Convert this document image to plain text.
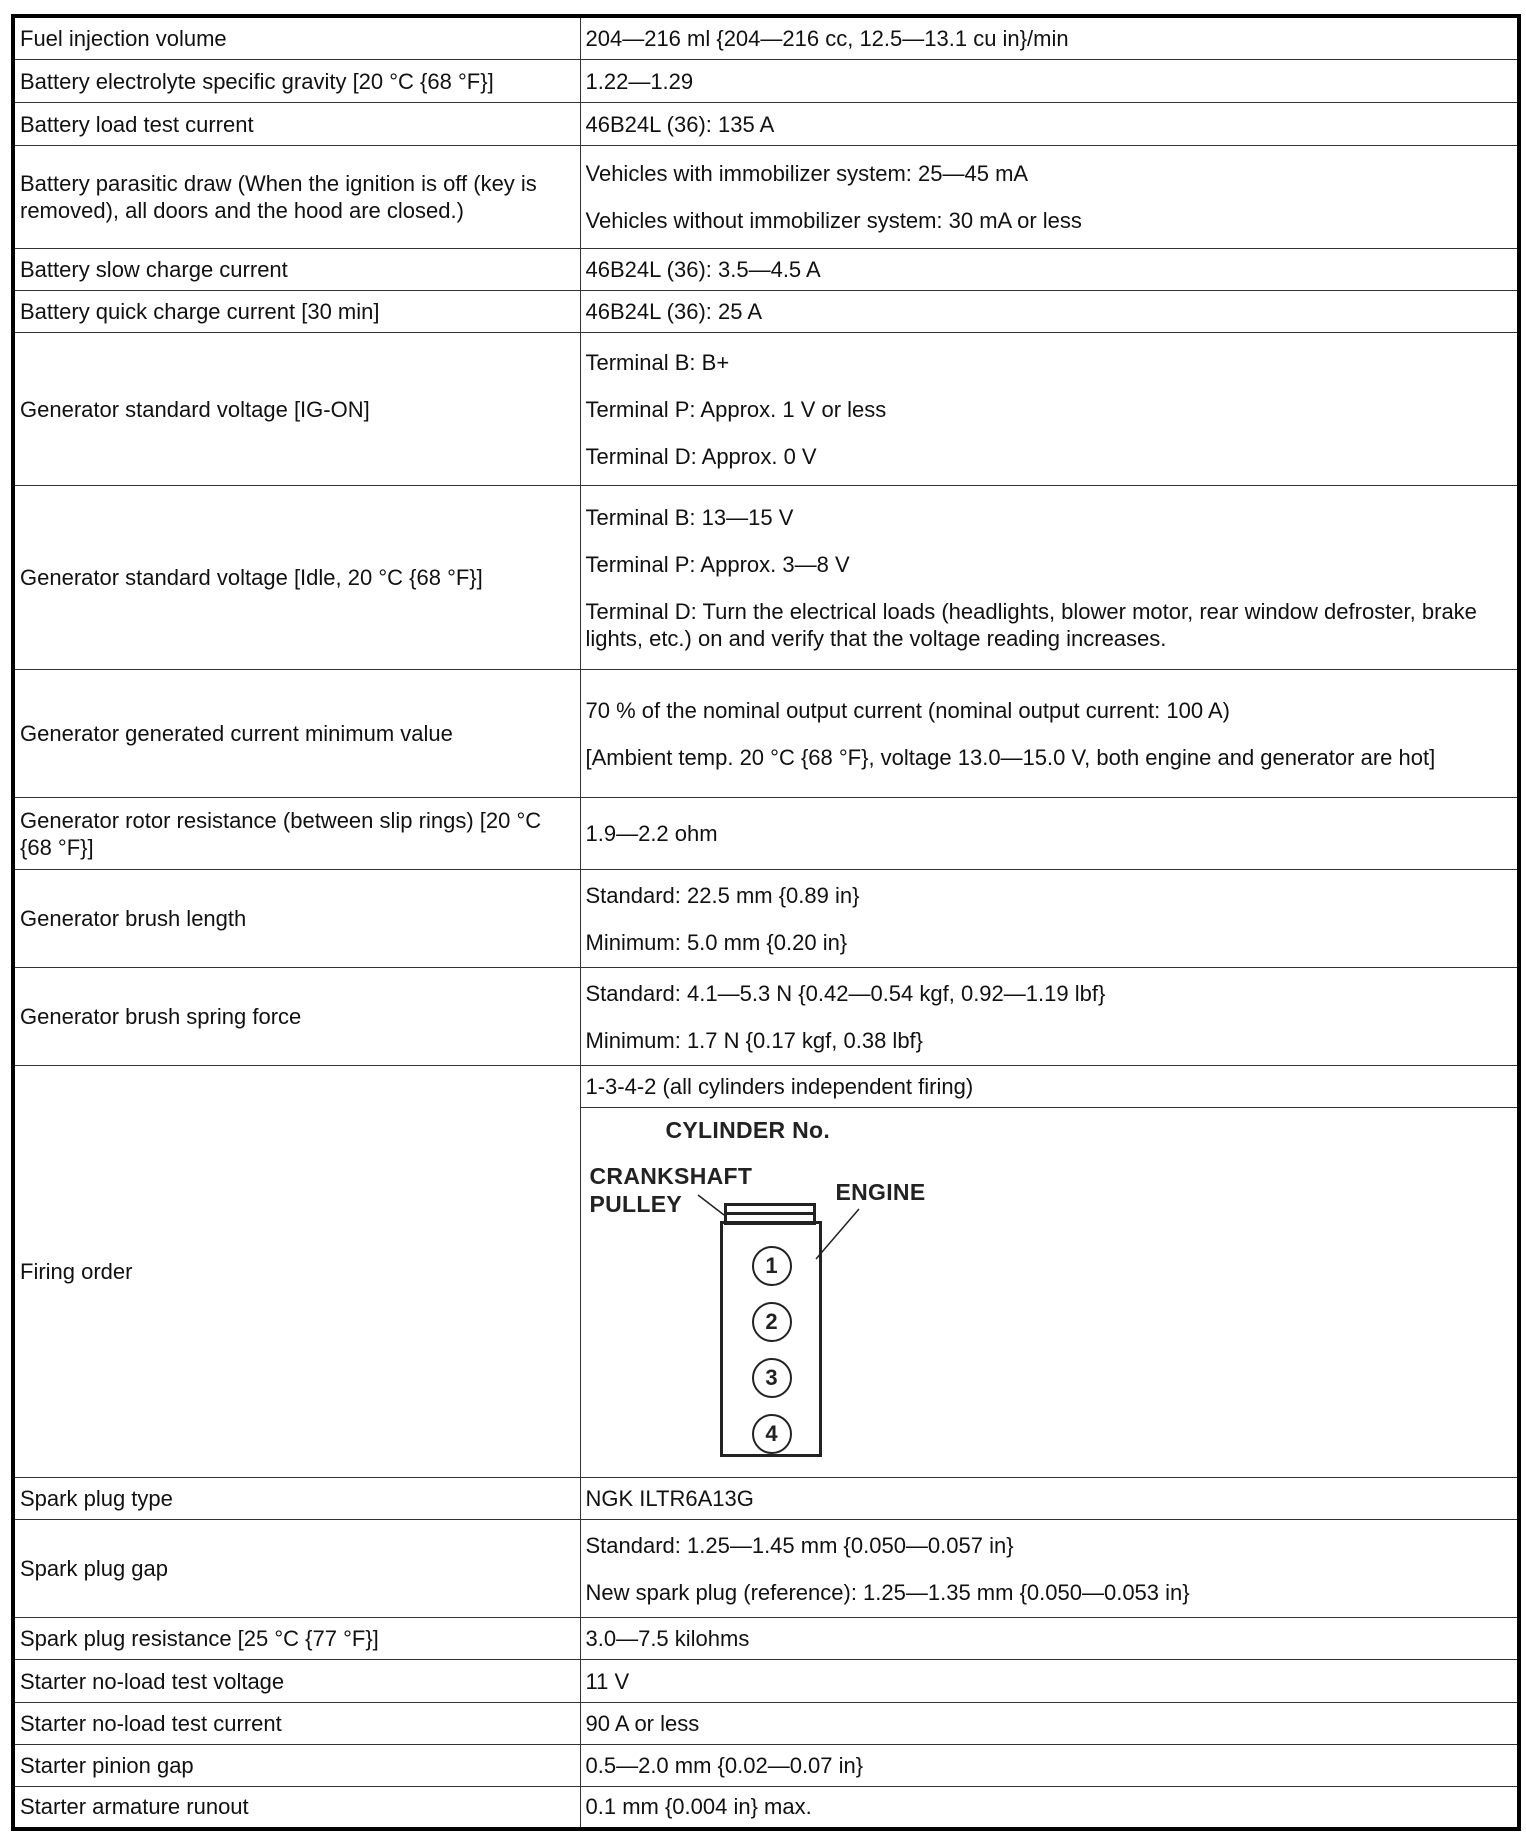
Fuel injection volume	204—216 ml {204—216 cc, 12.5—13.1 cu in}/min
Battery electrolyte specific gravity [20 °C {68 °F}]	1.22—1.29
Battery load test current	46B24L (36): 135 A
Battery parasitic draw (When the ignition is off (key is removed), all doors and the hood are closed.)	Vehicles with immobilizer system: 25—45 mA
Vehicles without immobilizer system: 30 mA or less

Battery slow charge current	46B24L (36): 3.5—4.5 A
Battery quick charge current [30 min]	46B24L (36): 25 A
Generator standard voltage [IG-ON]	Terminal B: B+
Terminal P: Approx. 1 V or less
Terminal D: Approx. 0 V

Generator standard voltage [Idle, 20 °C {68 °F}]	Terminal B: 13—15 V
Terminal P: Approx. 3—8 V
Terminal D: Turn the electrical loads (headlights, blower motor, rear window defroster, brake lights, etc.) on and verify that the voltage reading increases.

Generator generated current minimum value	70 % of the nominal output current (nominal output current: 100 A)
[Ambient temp. 20 °C {68 °F}, voltage 13.0—15.0 V, both engine and generator are hot]

Generator rotor resistance (between slip rings) [20 °C {68 °F}]	1.9—2.2 ohm
Generator brush length	Standard: 22.5 mm {0.89 in}
Minimum: 5.0 mm {0.20 in}

Generator brush spring force	Standard: 4.1—5.3 N {0.42—0.54 kgf, 0.92—1.19 lbf}
Minimum: 1.7 N {0.17 kgf, 0.38 lbf}

Firing order	1-3-4-2 (all cylinders independent firing)

CYLINDER No.
CRANKSHAFT
PULLEY	ENGINE
1
2
3
4

Spark plug type	NGK ILTR6A13G
Spark plug gap	Standard: 1.25—1.45 mm {0.050—0.057 in}
New spark plug (reference): 1.25—1.35 mm {0.050—0.053 in}

Spark plug resistance [25 °C {77 °F}]	3.0—7.5 kilohms
Starter no-load test voltage	11 V
Starter no-load test current	90 A or less
Starter pinion gap	0.5—2.0 mm {0.02—0.07 in}
Starter armature runout	0.1 mm {0.004 in} max.
